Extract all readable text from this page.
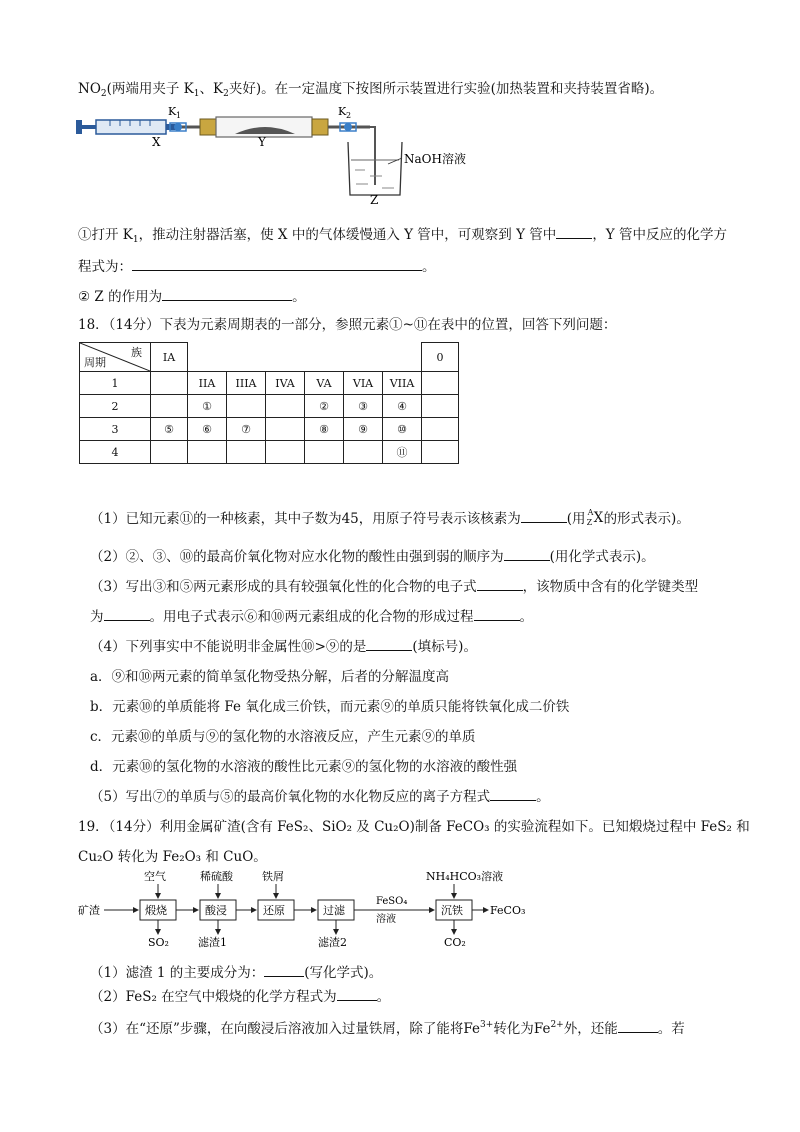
$NO_2$(两端用夹子 $K_1$、$K_2$夹好)。在一定温度下按图所示装置进行实验(加热装置和夹持装置省略)。
K 1
X	Y
K 2
NaOH溶液
Z
①打开 $K_1$，推动注射器活塞，使 X 中的气体缓慢通入 Y 管中，可观察到 Y 管中	，Y 管中反应的化学方
程式为：	。
② Z 的作用为	。
18．（14分）下表为元素周期表的一部分，参照元素①~⑪在表中的位置，回答下列问题：
族
周期	IA							0
1		IIA	IIIA	IVA	VA	VIA	VIIA	
2		①			②	③	④	
3	⑤	⑥	⑦		⑧	⑨	⑩	
4							⑪	
（1）已知元素⑪的一种核素，其中子数为45，用原子符号表示该核素为	(用 A
Z X 的形式表示)。
（2）②、③、⑩的最高价氧化物对应水化物的酸性由强到弱的顺序为	(用化学式表示)。
（3）写出③和⑤两元素形成的具有较强氧化性的化合物的电子式	，该物质中含有的化学键类型
为	。用电子式表示⑥和⑩两元素组成的化合物的形成过程	。
（4）下列事实中不能说明非金属性⑩>⑨的是	(填标号)。
a．⑨和⑩两元素的简单氢化物受热分解，后者的分解温度高
b．元素⑩的单质能将 Fe 氧化成三价铁，而元素⑨的单质只能将铁氧化成二价铁
c．元素⑩的单质与⑨的氢化物的水溶液反应，产生元素⑨的单质
d．元素⑩的氢化物的水溶液的酸性比元素⑨的氢化物的水溶液的酸性强
（5）写出⑦的单质与⑤的最高价氧化物的水化物反应的离子方程式	。
19．（14分）利用金属矿渣(含有 FeS₂、SiO₂ 及 Cu₂O)制备 FeCO₃ 的实验流程如下。已知煅烧过程中 FeS₂ 和
Cu₂O 转化为 Fe₂O₃ 和 CuO。
矿渣	煅烧
空气
SO₂
酸浸
稀硫酸
滤渣1
还原
铁屑
过滤
滤渣2
FeSO₄
溶液
沉铁
NH₄HCO₃溶液
CO₂
FeCO₃
（1）滤渣 1 的主要成分为：	(写化学式)。
（2）FeS₂ 在空气中煅烧的化学方程式为	。
（3）在“还原”步骤，在向酸浸后溶液加入过量铁屑，除了能将$Fe^{3+}$转化为$Fe^{2+}$外，还能	。若
